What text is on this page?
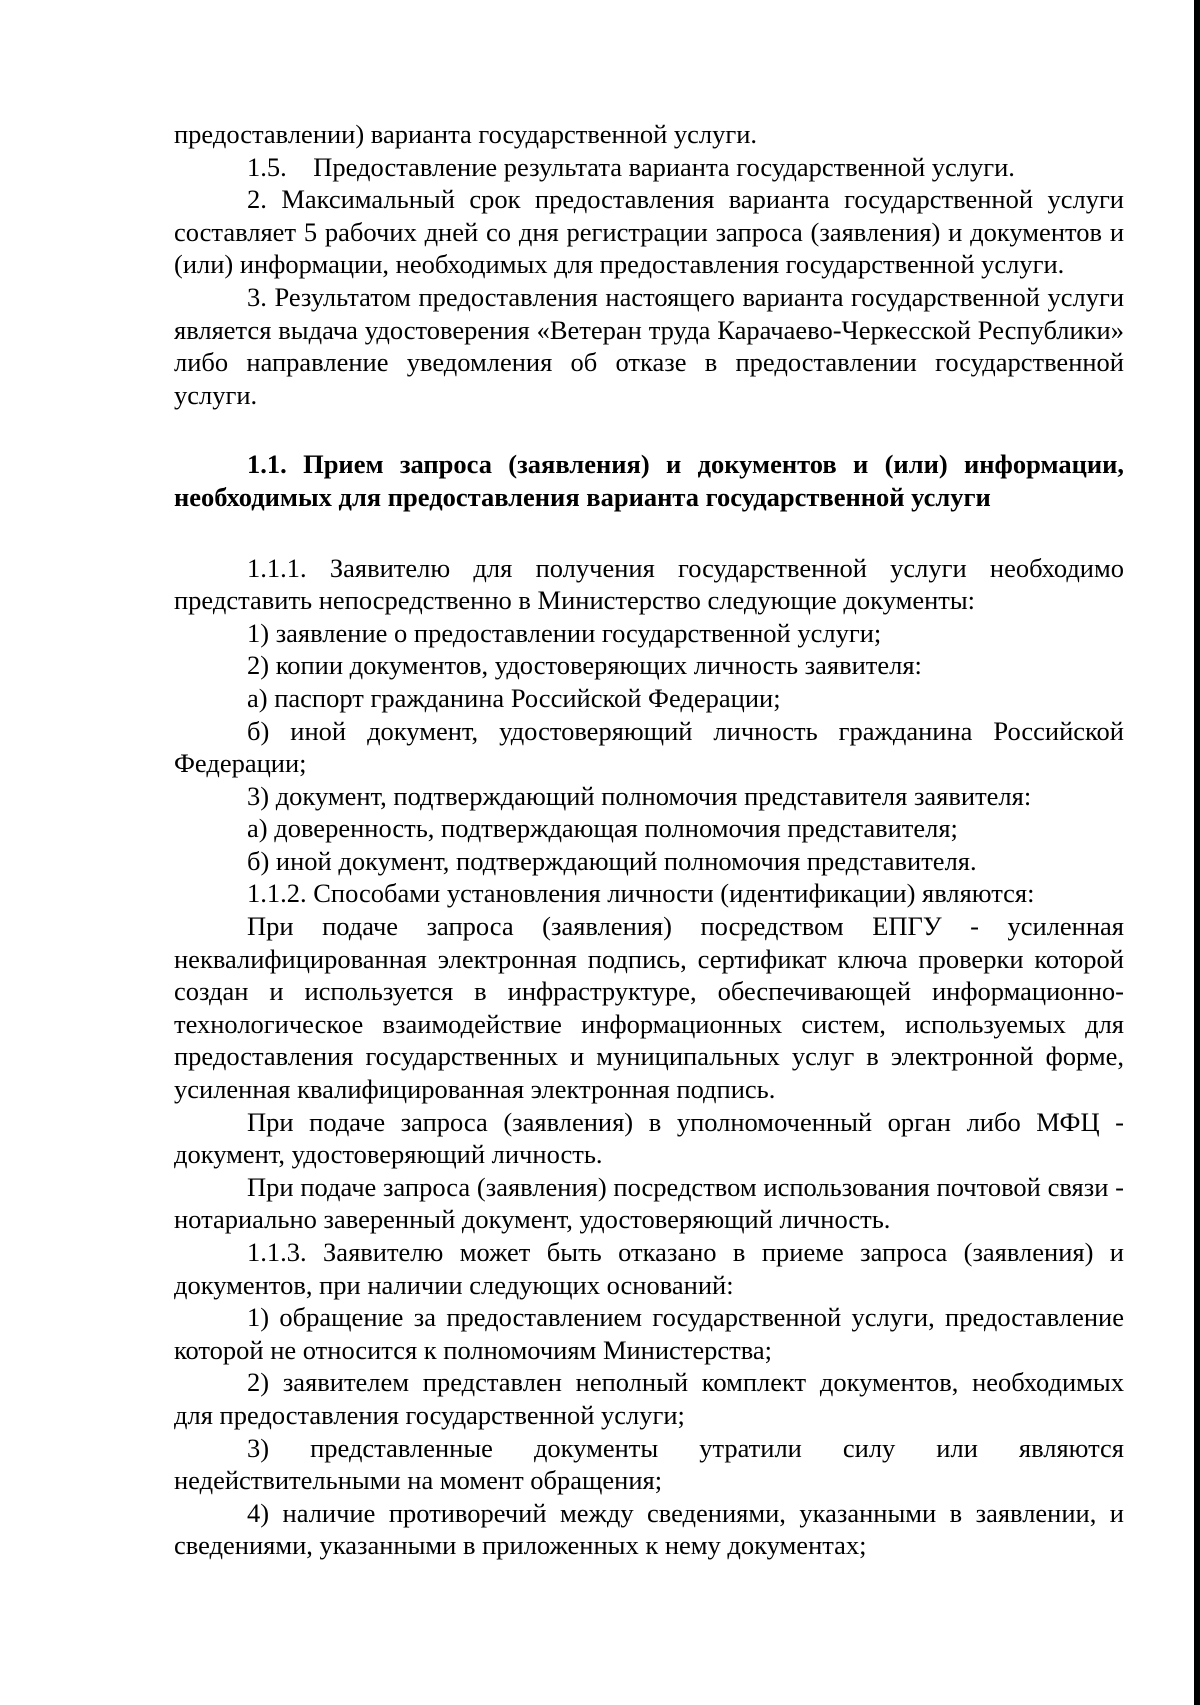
предоставлении) варианта государственной услуги.

1.5. Предоставление результата варианта государственной услуги.

2. Максимальный срок предоставления варианта государственной услуги составляет 5 рабочих дней со дня регистрации запроса (заявления) и документов и (или) информации, необходимых для предоставления государственной услуги.

3. Результатом предоставления настоящего варианта государственной услуги является выдача удостоверения «Ветеран труда Карачаево-Черкесской Республики» либо направление уведомления об отказе в предоставлении государственной услуги.

1.1. Прием запроса (заявления) и документов и (или) информации, необходимых для предоставления варианта государственной услуги

1.1.1. Заявителю для получения государственной услуги необходимо представить непосредственно в Министерство следующие документы:

1) заявление о предоставлении государственной услуги;

2) копии документов, удостоверяющих личность заявителя:

а) паспорт гражданина Российской Федерации;

б) иной документ, удостоверяющий личность гражданина Российской Федерации;

3) документ, подтверждающий полномочия представителя заявителя:

а) доверенность, подтверждающая полномочия представителя;

б) иной документ, подтверждающий полномочия представителя.

1.1.2. Способами установления личности (идентификации) являются:

При подаче запроса (заявления) посредством ЕПГУ - усиленная неквалифицированная электронная подпись, сертификат ключа проверки которой создан и используется в инфраструктуре, обеспечивающей информационно-технологическое взаимодействие информационных систем, используемых для предоставления государственных и муниципальных услуг в электронной форме, усиленная квалифицированная электронная подпись.

При подаче запроса (заявления) в уполномоченный орган либо МФЦ - документ, удостоверяющий личность.

При подаче запроса (заявления) посредством использования почтовой связи - нотариально заверенный документ, удостоверяющий личность.

1.1.3. Заявителю может быть отказано в приеме запроса (заявления) и документов, при наличии следующих оснований:

1) обращение за предоставлением государственной услуги, предоставление которой не относится к полномочиям Министерства;

2) заявителем представлен неполный комплект документов, необходимых для предоставления государственной услуги;

3) представленные документы утратили силу или являются недействительными на момент обращения;

4) наличие противоречий между сведениями, указанными в заявлении, и сведениями, указанными в приложенных к нему документах;
